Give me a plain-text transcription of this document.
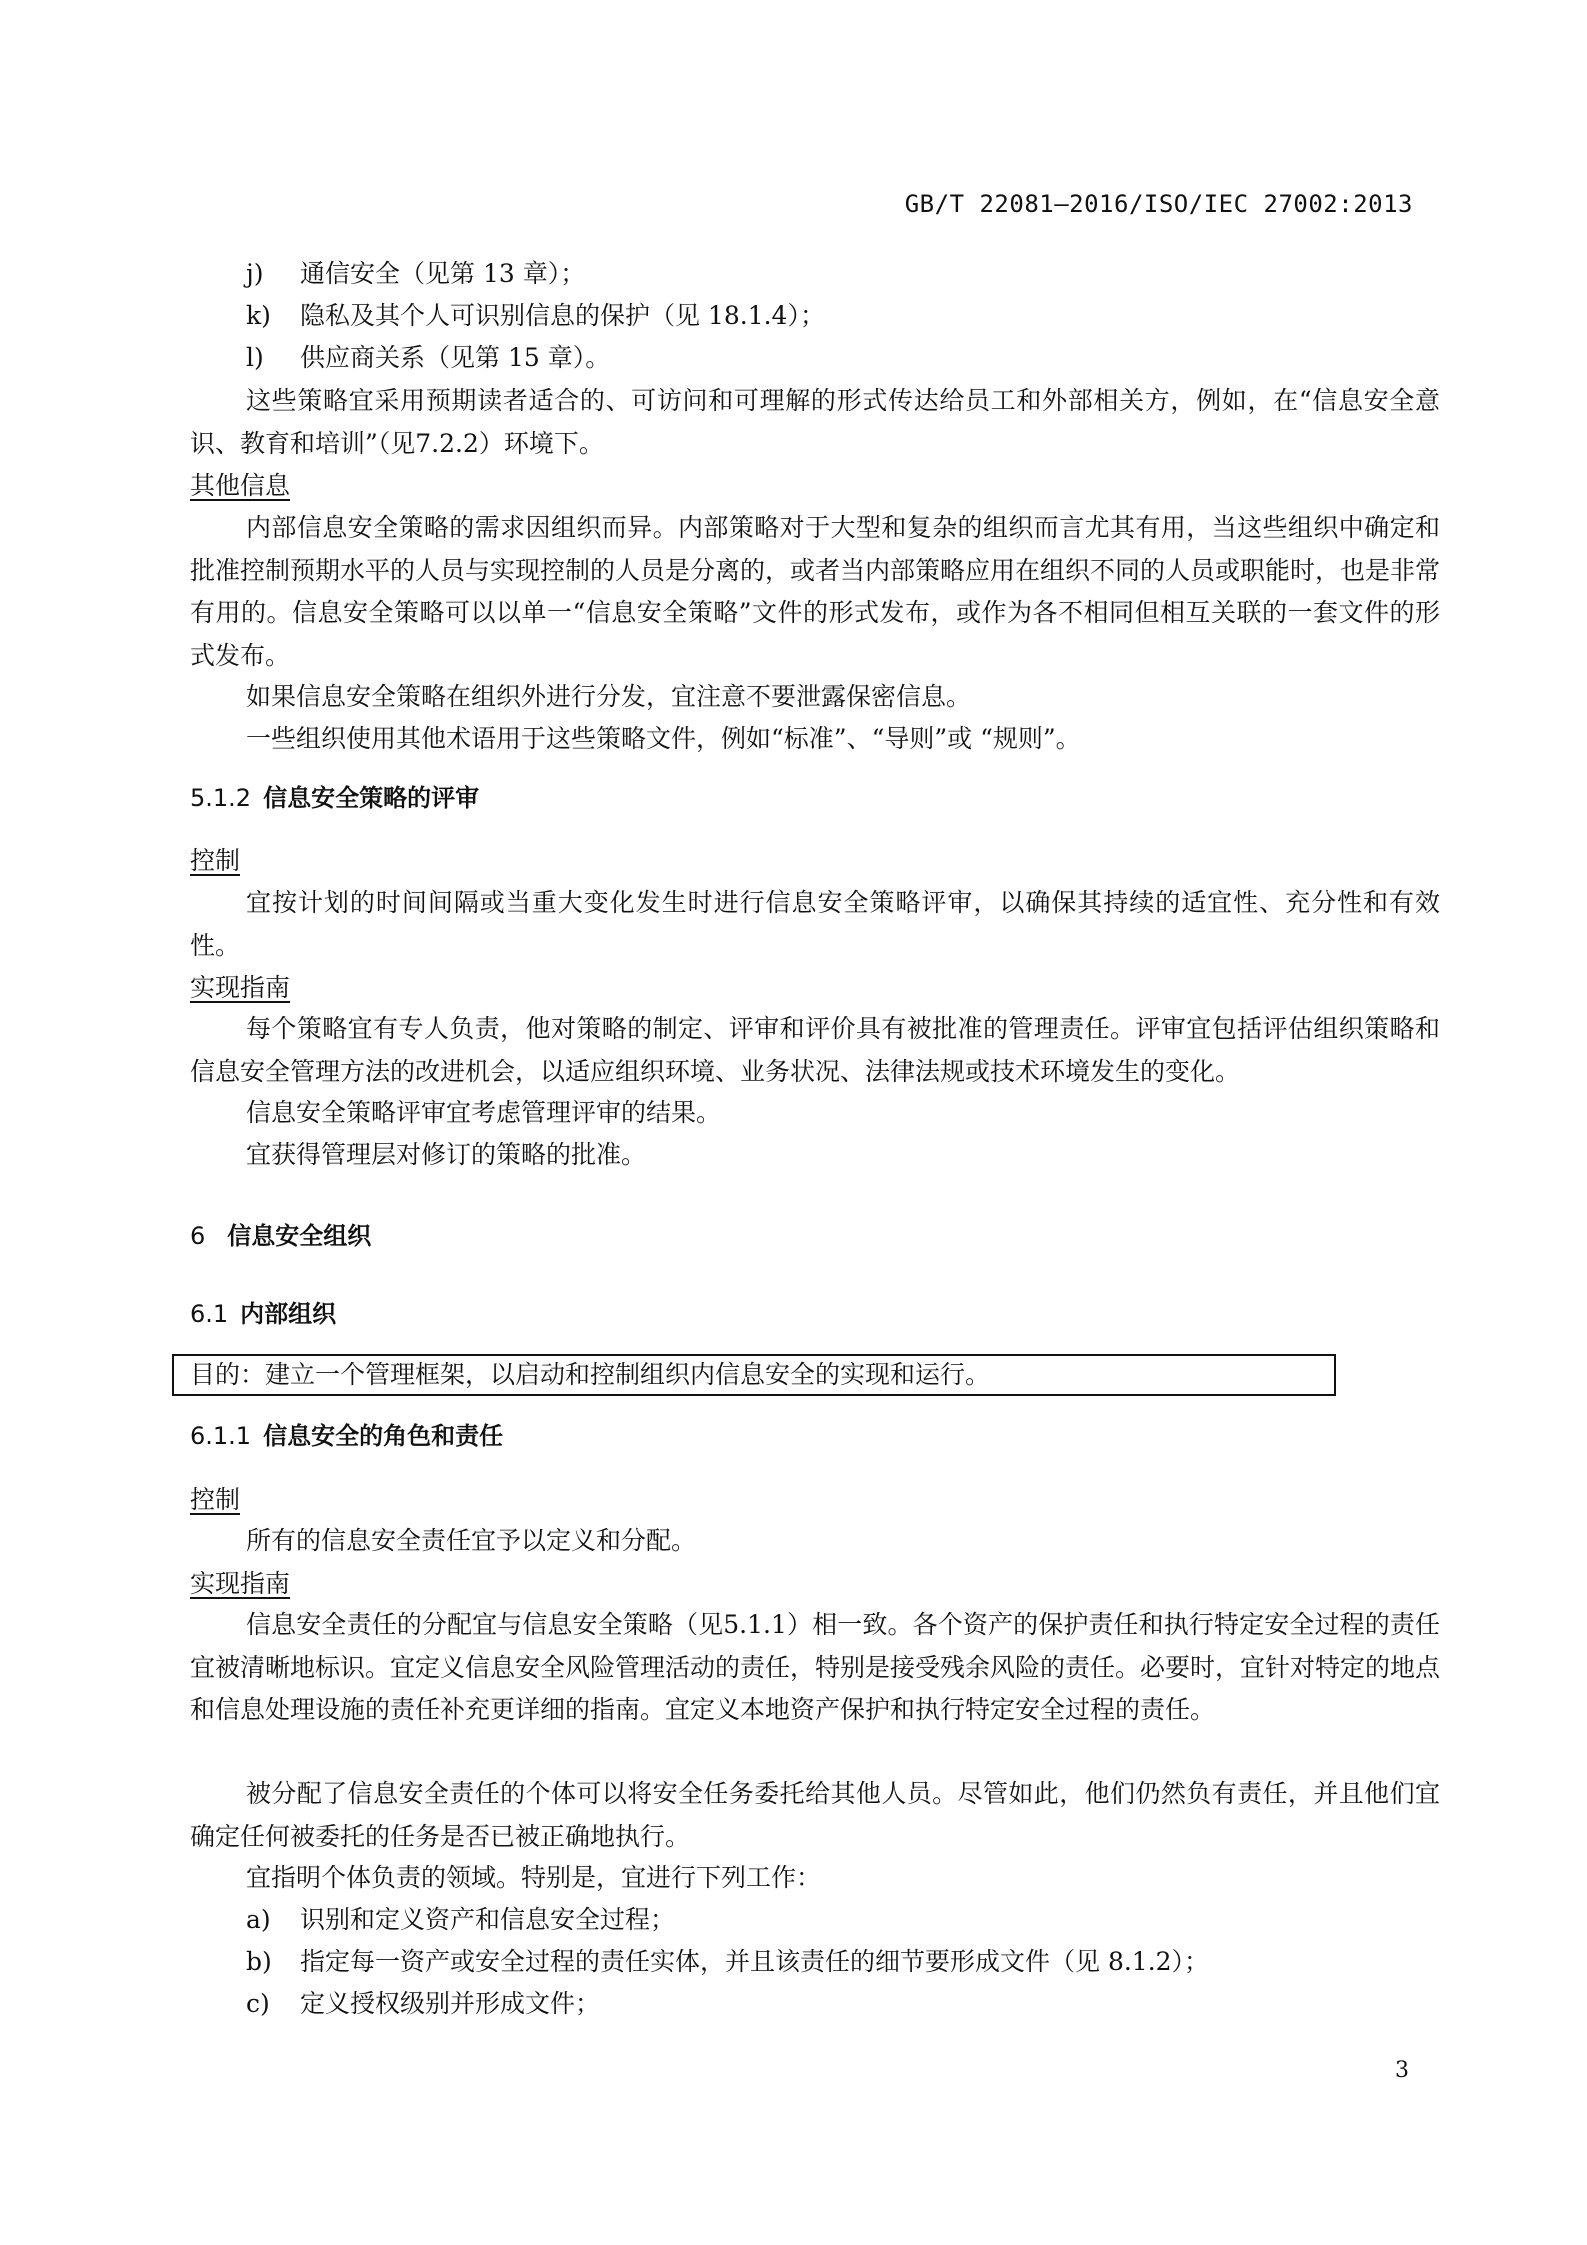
GB/T 22081—2016/ISO/IEC 27002:2013
j) 通信安全（见第 13 章）；
k) 隐私及其个人可识别信息的保护（见 18.1.4）；
l) 供应商关系（见第 15 章）。
这些策略宜采用预期读者适合的、可访问和可理解的形式传达给员工和外部相关方，例如，在“信息安全意识、教育和培训”（见7.2.2）环境下。
其他信息
内部信息安全策略的需求因组织而异。内部策略对于大型和复杂的组织而言尤其有用，当这些组织中确定和批准控制预期水平的人员与实现控制的人员是分离的，或者当内部策略应用在组织不同的人员或职能时，也是非常有用的。信息安全策略可以以单一“信息安全策略”文件的形式发布，或作为各不相同但相互关联的一套文件的形式发布。
如果信息安全策略在组织外进行分发，宜注意不要泄露保密信息。
一些组织使用其他术语用于这些策略文件，例如“标准”、“导则”或 “规则”。
5.1.2 信息安全策略的评审
控制
宜按计划的时间间隔或当重大变化发生时进行信息安全策略评审，以确保其持续的适宜性、充分性和有效性。
实现指南
每个策略宜有专人负责，他对策略的制定、评审和评价具有被批准的管理责任。评审宜包括评估组织策略和信息安全管理方法的改进机会，以适应组织环境、业务状况、法律法规或技术环境发生的变化。
信息安全策略评审宜考虑管理评审的结果。
宜获得管理层对修订的策略的批准。
6 信息安全组织
6.1 内部组织
目的：建立一个管理框架，以启动和控制组织内信息安全的实现和运行。
6.1.1 信息安全的角色和责任
控制
所有的信息安全责任宜予以定义和分配。
实现指南
信息安全责任的分配宜与信息安全策略（见5.1.1）相一致。各个资产的保护责任和执行特定安全过程的责任宜被清晰地标识。宜定义信息安全风险管理活动的责任，特别是接受残余风险的责任。必要时，宜针对特定的地点和信息处理设施的责任补充更详细的指南。宜定义本地资产保护和执行特定安全过程的责任。
被分配了信息安全责任的个体可以将安全任务委托给其他人员。尽管如此，他们仍然负有责任，并且他们宜确定任何被委托的任务是否已被正确地执行。
宜指明个体负责的领域。特别是，宜进行下列工作：
a) 识别和定义资产和信息安全过程；
b) 指定每一资产或安全过程的责任实体，并且该责任的细节要形成文件（见 8.1.2）；
c) 定义授权级别并形成文件；
3
